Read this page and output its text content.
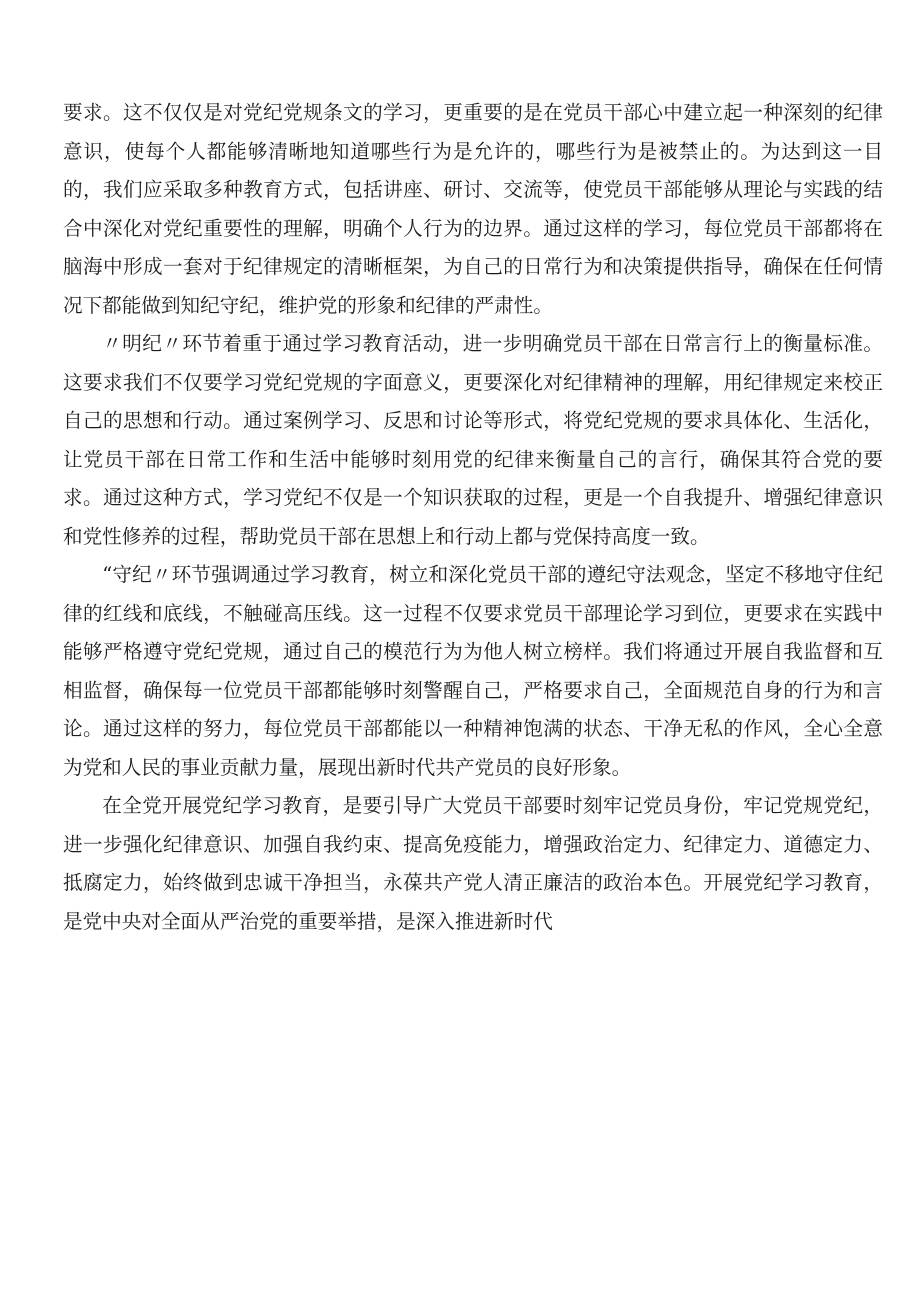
要求。这不仅仅是对党纪党规条文的学习，更重要的是在党员干部心中建立起一种深刻的纪律意识，使每个人都能够清晰地知道哪些行为是允许的，哪些行为是被禁止的。为达到这一目的，我们应采取多种教育方式，包括讲座、研讨、交流等，使党员干部能够从理论与实践的结合中深化对党纪重要性的理解，明确个人行为的边界。通过这样的学习，每位党员干部都将在脑海中形成一套对于纪律规定的清晰框架，为自己的日常行为和决策提供指导，确保在任何情况下都能做到知纪守纪，维护党的形象和纪律的严肃性。

〃明纪〃环节着重于通过学习教育活动，进一步明确党员干部在日常言行上的衡量标准。这要求我们不仅要学习党纪党规的字面意义，更要深化对纪律精神的理解，用纪律规定来校正自己的思想和行动。通过案例学习、反思和讨论等形式，将党纪党规的要求具体化、生活化，让党员干部在日常工作和生活中能够时刻用党的纪律来衡量自己的言行，确保其符合党的要求。通过这种方式，学习党纪不仅是一个知识获取的过程，更是一个自我提升、增强纪律意识和党性修养的过程，帮助党员干部在思想上和行动上都与党保持高度一致。

“守纪〃环节强调通过学习教育，树立和深化党员干部的遵纪守法观念，坚定不移地守住纪律的红线和底线，不触碰高压线。这一过程不仅要求党员干部理论学习到位，更要求在实践中能够严格遵守党纪党规，通过自己的模范行为为他人树立榜样。我们将通过开展自我监督和互相监督，确保每一位党员干部都能够时刻警醒自己，严格要求自己，全面规范自身的行为和言论。通过这样的努力，每位党员干部都能以一种精神饱满的状态、干净无私的作风，全心全意为党和人民的事业贡献力量，展现出新时代共产党员的良好形象。

在全党开展党纪学习教育，是要引导广大党员干部要时刻牢记党员身份，牢记党规党纪，进一步强化纪律意识、加强自我约束、提高免疫能力，增强政治定力、纪律定力、道德定力、抵腐定力，始终做到忠诚干净担当，永葆共产党人清正廉洁的政治本色。开展党纪学习教育，是党中央对全面从严治党的重要举措，是深入推进新时代
